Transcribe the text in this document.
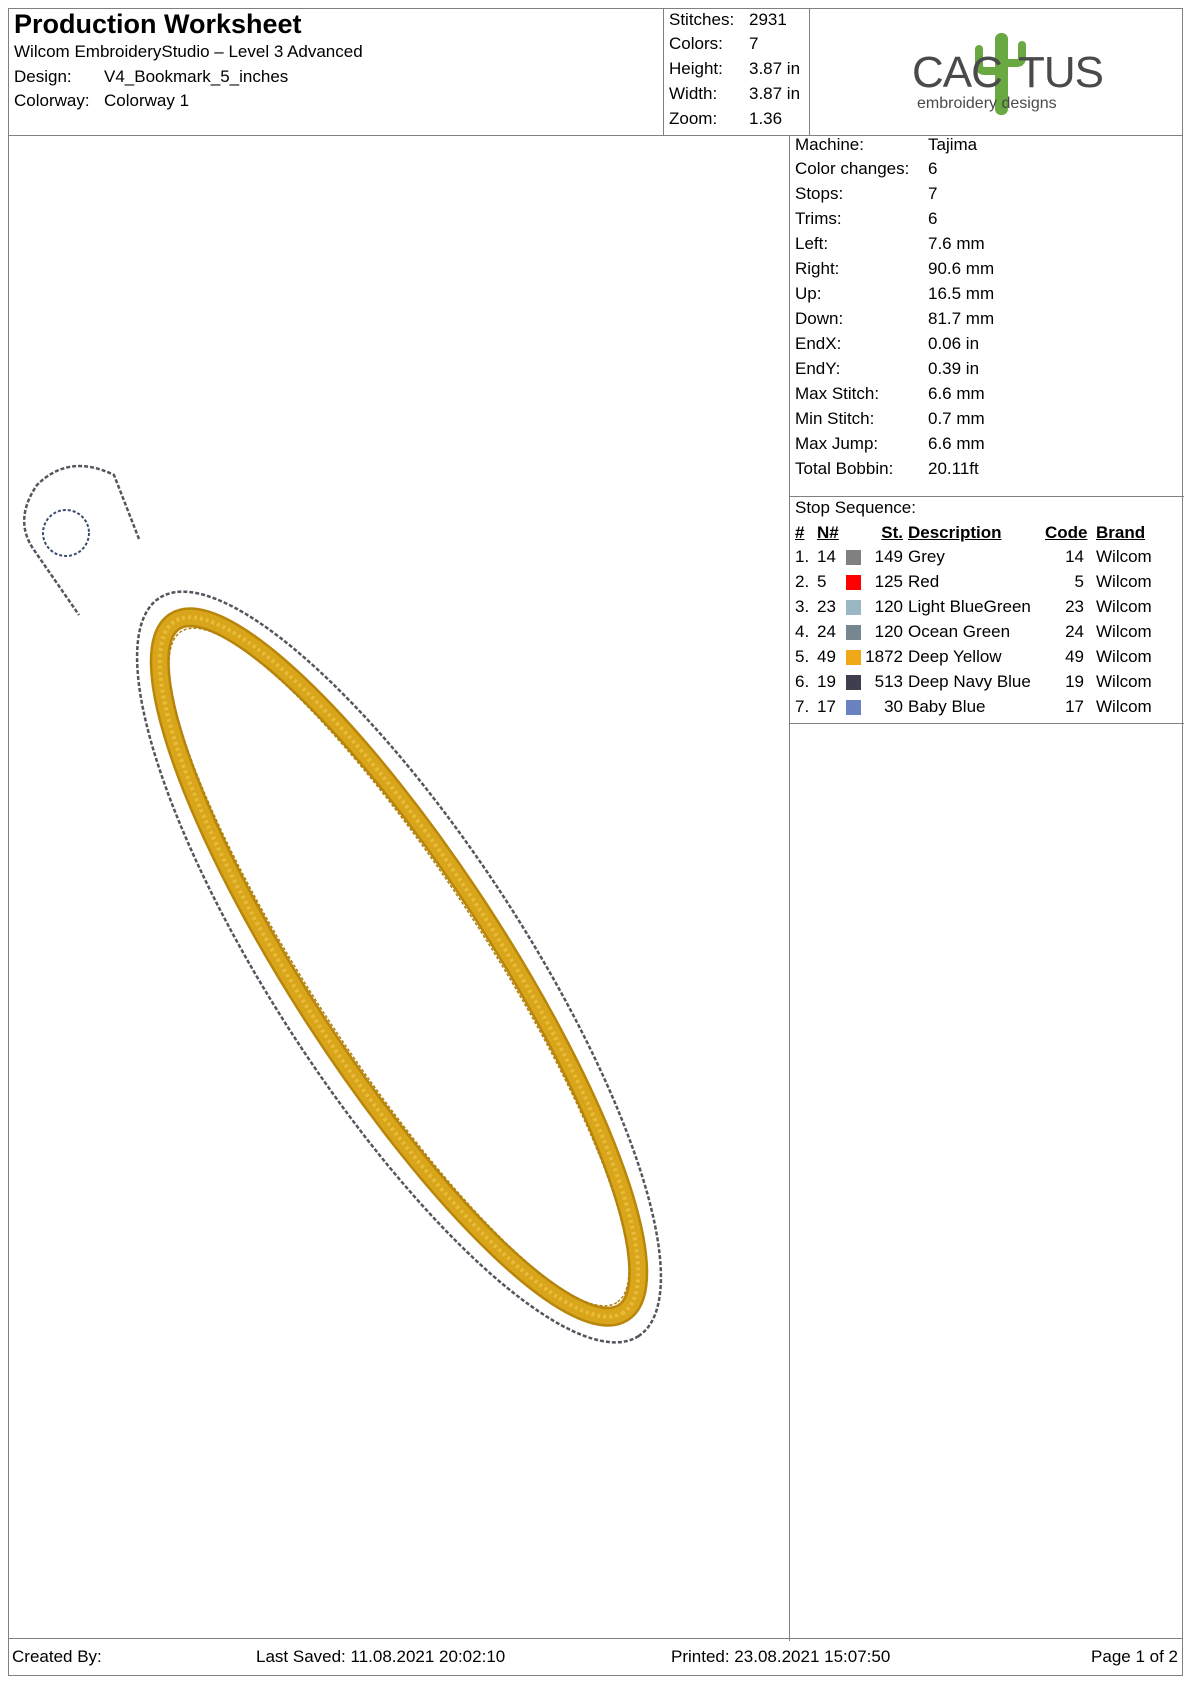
Production Worksheet
Wilcom EmbroideryStudio – Level 3 Advanced
Design: V4_Bookmark_5_inches
Colorway: Colorway 1
Stitches: 2931
Colors: 7
Height: 3.87 in
Width: 3.87 in
Zoom: 1.36
CAC TUS
embroidery designs
Machine:	Tajima
Color changes: 6
Stops:	7
Trims:	6
Left:	7.6 mm
Right:	90.6 mm
Up:	16.5 mm
Down:	81.7 mm
EndX:	0.06 in
EndY:	0.39 in
Max Stitch:	6.6 mm
Min Stitch:	0.7 mm
Max Jump:	6.6 mm
Total Bobbin: 20.11ft
Stop Sequence:
# N#	St. Description	Code Brand
1. 14	149 Grey	14 Wilcom
2. 5	125 Red	5 Wilcom
3. 23	120 Light BlueGreen	23 Wilcom
4. 24	120 Ocean Green	24 Wilcom
5. 49	1872 Deep Yellow	49 Wilcom
6. 19	513 Deep Navy Blue	19 Wilcom
7. 17	30 Baby Blue	17 Wilcom
Created By:	Last Saved: 11.08.2021 20:02:10	Printed: 23.08.2021 15:07:50	Page 1 of 2
